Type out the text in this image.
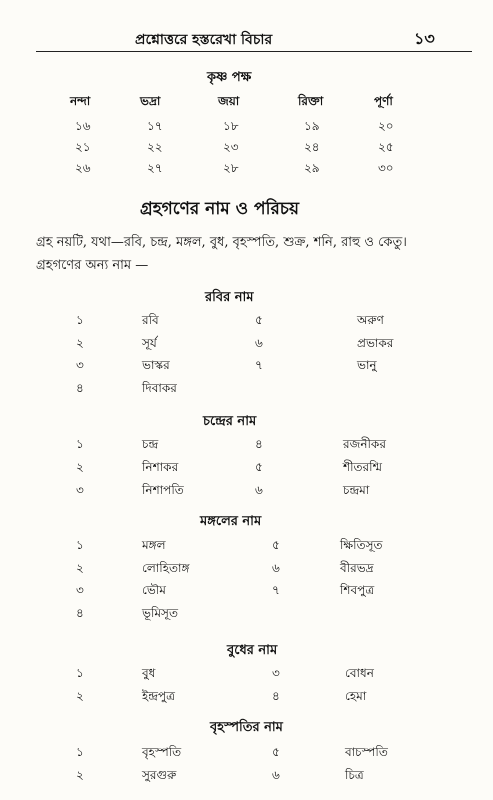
প্রশ্নোত্তরে হস্তরেখা বিচার	১৩
কৃষ্ণ পক্ষ
নন্দা	ভদ্রা	জয়া	রিক্তা	পূর্ণা
১৬	১৭	১৮	১৯	২০
২১	২২	২৩	২৪	২৫
২৬	২৭	২৮	২৯	৩০
গ্রহগণের নাম ও পরিচয়
গ্রহ নয়টি, যথা—রবি, চন্দ্র, মঙ্গল, বুধ, বৃহস্পতি, শুক্র, শনি, রাহু ও কেতু।
গ্রহগণের অন্য নাম —
রবির নাম
১	রবি	৫	অরুণ
২	সূর্য	৬	প্রভাকর
৩	ভাস্কর	৭	ভানু
৪	দিবাকর
চন্দ্রের নাম
১	চন্দ্র	৪	রজনীকর
২	নিশাকর	৫	শীতরশ্মি
৩	নিশাপতি	৬	চন্দ্রমা
মঙ্গলের নাম
১	মঙ্গল	৫	ক্ষিতিসূত
২	লোহিতাঙ্গ	৬	বীরভদ্র
৩	ভৌম	৭	শিবপুত্র
৪	ভূমিসূত
বুধের নাম
১	বুধ	৩	বোধন
২	ইন্দ্রপুত্র	৪	হেমা
বৃহস্পতির নাম
১	বৃহস্পতি	৫	বাচস্পতি
২	সুরগুরু	৬	চিত্র
